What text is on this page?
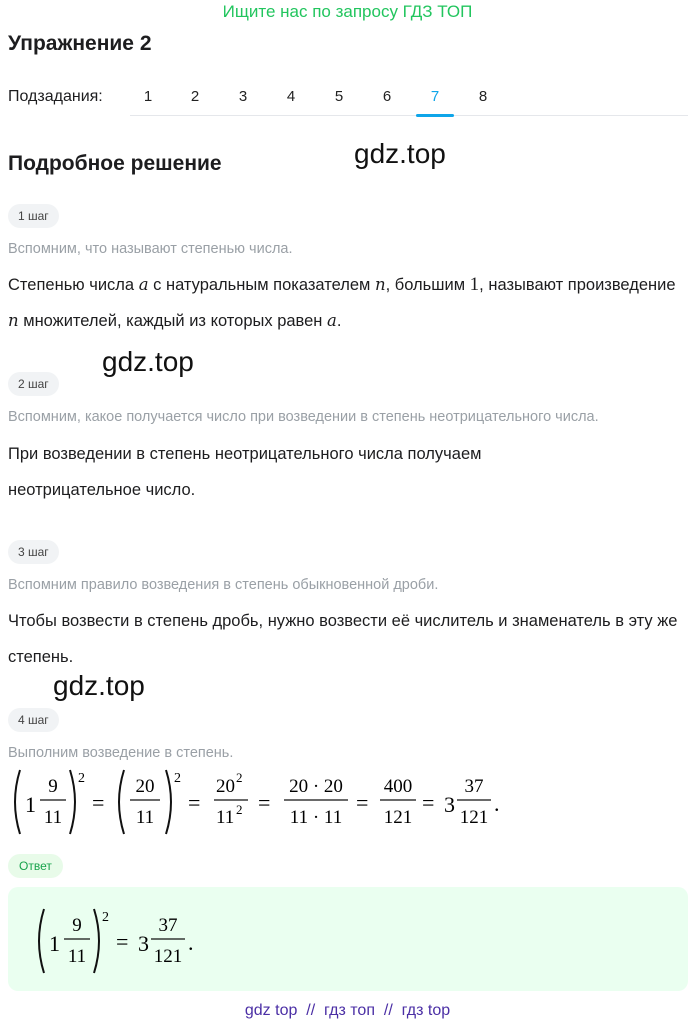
Ищите нас по запросу ГДЗ ТОП
Упражнение 2
Подзадания:	1	2	3	4	5	6	7	8
Подробное решение	gdz.top
gdz.top
gdz.top
1 шаг
Вспомним, что называют степенью числа.
Степенью числа a с натуральным показателем n, большим 1, называют произведение n множителей, каждый из которых равен a.
2 шаг
Вспомним, какое получается число при возведении в степень неотрицательного числа.
При возведении в степень неотрицательного числа получаем неотрицательное число.
3 шаг
Вспомним правило возведения в степень обыкновенной дроби.
Чтобы возвести в степень дробь, нужно возвести её числитель и знаменатель в эту же степень.
4 шаг
Выполним возведение в степень.
1
9
11
2
=
20
11
2
=
20 2
11 2 =
20 · 20
11 · 11
=
400
121
= 3
37
121
.
Ответ
1
9
11
2
= 3
37
121
.
gdz top  //  гдз топ  //  гдз top
